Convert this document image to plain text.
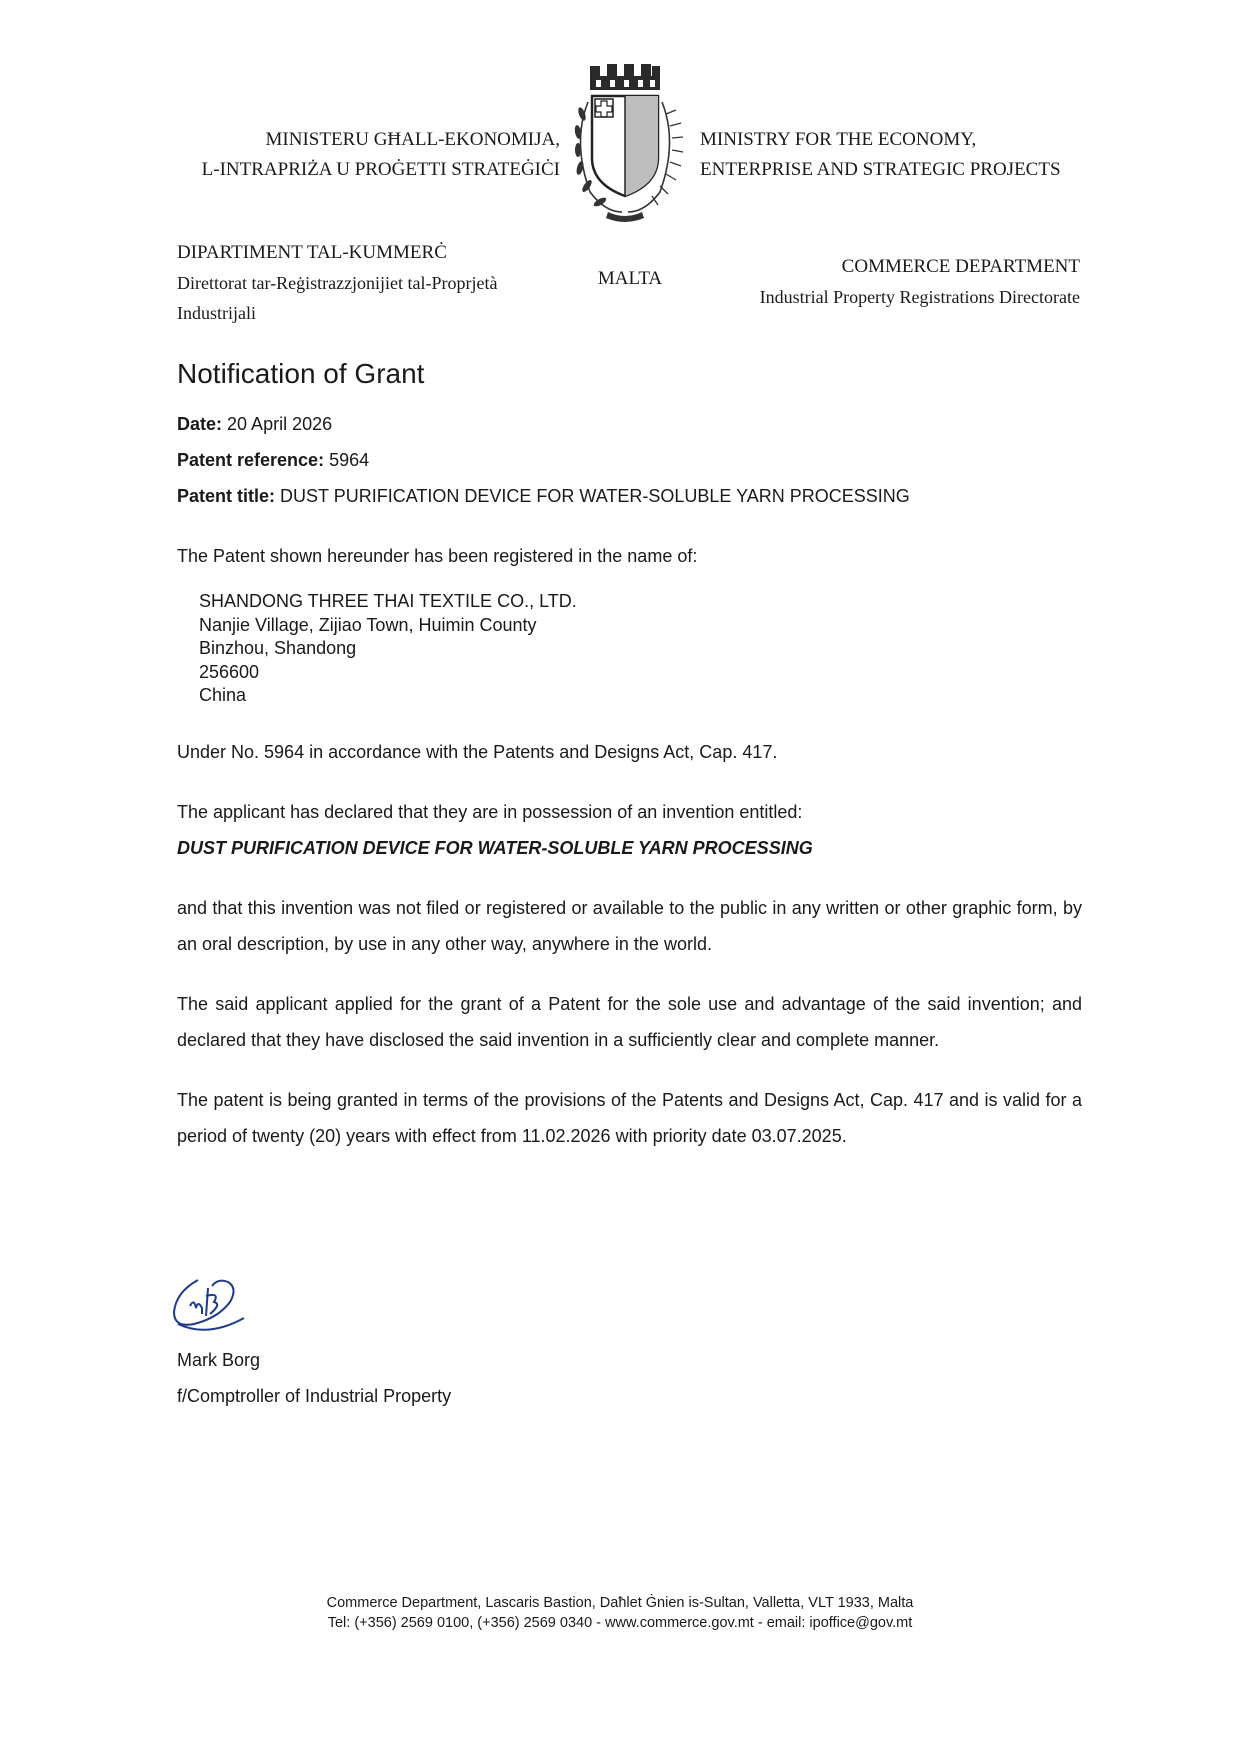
MINISTERU GĦALL-EKONOMIJA,
L-INTRAPRIŻA U PROĠETTI STRATEĠIĊI
MINISTRY FOR THE ECONOMY,
ENTERPRISE AND STRATEGIC PROJECTS
DIPARTIMENT TAL-KUMMERĊ
Direttorat tar-Reġistrazzjonijiet tal-Proprjetà
Industrijali
MALTA
COMMERCE DEPARTMENT
Industrial Property Registrations Directorate
Notification of Grant
Date: 20 April 2026
Patent reference: 5964
Patent title: DUST PURIFICATION DEVICE FOR WATER-SOLUBLE YARN PROCESSING

The Patent shown hereunder has been registered in the name of:

SHANDONG THREE THAI TEXTILE CO., LTD.
Nanjie Village, Zijiao Town, Huimin County
Binzhou, Shandong
256600
China

Under No. 5964 in accordance with the Patents and Designs Act, Cap. 417.

The applicant has declared that they are in possession of an invention entitled:

DUST PURIFICATION DEVICE FOR WATER-SOLUBLE YARN PROCESSING

and that this invention was not filed or registered or available to the public in any written or other graphic form, by an oral description, by use in any other way, anywhere in the world.

The said applicant applied for the grant of a Patent for the sole use and advantage of the said invention; and declared that they have disclosed the said invention in a sufficiently clear and complete manner.

The patent is being granted in terms of the provisions of the Patents and Designs Act, Cap. 417 and is valid for a period of twenty (20) years with effect from 11.02.2026 with priority date 03.07.2025.

Mark Borg
f/Comptroller of Industrial Property
Commerce Department, Lascaris Bastion, Daħlet Ġnien is-Sultan, Valletta, VLT 1933, Malta
Tel: (+356) 2569 0100, (+356) 2569 0340 - www.commerce.gov.mt - email: ipoffice@gov.mt
